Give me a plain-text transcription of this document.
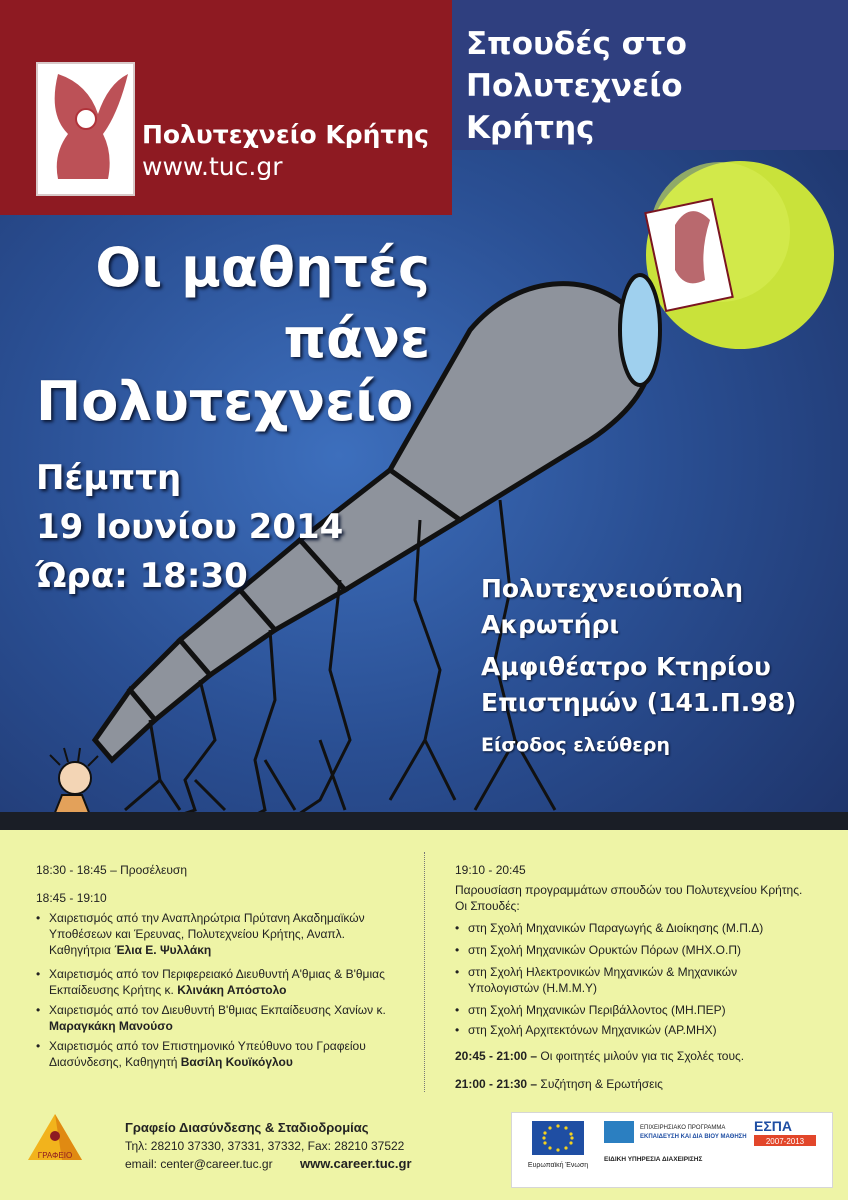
Πολυτεχνείο Κρήτης
www.tuc.gr
Σπουδές στο
Πολυτεχνείο
Κρήτης
Οι μαθητές
πάνε
Πολυτεχνείο
Πέμπτη
19 Ιουνίου 2014
Ώρα: 18:30	Πολυτεχνειούπολη
Ακρωτήρι
Αμφιθέατρο Κτηρίου
Επιστημών (141.Π.98)
Είσοδος ελεύθερη
18:30 - 18:45 – Προσέλευση
18:45 - 19:10
• Χαιρετισμός από την Αναπληρώτρια Πρύτανη Ακαδημαϊκών Υποθέσεων και Έρευνας, Πολυτεχνείου Κρήτης, Αναπλ. Καθηγήτρια Έλια Ε. Ψυλλάκη
• Χαιρετισμός από τον Περιφερειακό Διευθυντή Α'θμιας & Β'θμιας Εκπαίδευσης Κρήτης κ. Κλινάκη Απόστολο
• Χαιρετισμός από τον Διευθυντή Β'θμιας Εκπαίδευσης Χανίων κ. Μαραγκάκη Μανούσο
• Χαιρετισμός από τον Επιστημονικό Υπεύθυνο του Γραφείου Διασύνδεσης, Καθηγητή Βασίλη Κουϊκόγλου
19:10 - 20:45
Παρουσίαση προγραμμάτων σπουδών του Πολυτεχνείου Κρήτης. Οι Σπουδές:
• στη Σχολή Μηχανικών Παραγωγής & Διοίκησης (Μ.Π.Δ)
• στη Σχολή Μηχανικών Ορυκτών Πόρων (ΜΗΧ.Ο.Π)
• στη Σχολή Ηλεκτρονικών Μηχανικών & Μηχανικών Υπολογιστών (Η.Μ.Μ.Υ)
• στη Σχολή Μηχανικών Περιβάλλοντος (ΜΗ.ΠΕΡ)
• στη Σχολή Αρχιτεκτόνων Μηχανικών (ΑΡ.ΜΗΧ)
20:45 - 21:00 – Οι φοιτητές μιλούν για τις Σχολές τους.
21:00 - 21:30 – Συζήτηση & Ερωτήσεις
ΓΡΑΦΕΙΟ
Γραφείο Διασύνδεσης & Σταδιοδρομίας
Τηλ: 28210 37330, 37331, 37332, Fax: 28210 37522
email: center@career.tuc.gr www.career.tuc.gr	Ευρωπαϊκή Ένωση
ΕΠΙΧΕΙΡΗΣΙΑΚΟ ΠΡΟΓΡΑΜΜΑ
ΕΚΠΑΙΔΕΥΣΗ ΚΑΙ ΔΙΑ ΒΙΟΥ ΜΑΘΗΣΗ
ΕΙΔΙΚΗ ΥΠΗΡΕΣΙΑ ΔΙΑΧΕΙΡΙΣΗΣ
ΕΣΠΑ
2007-2013
